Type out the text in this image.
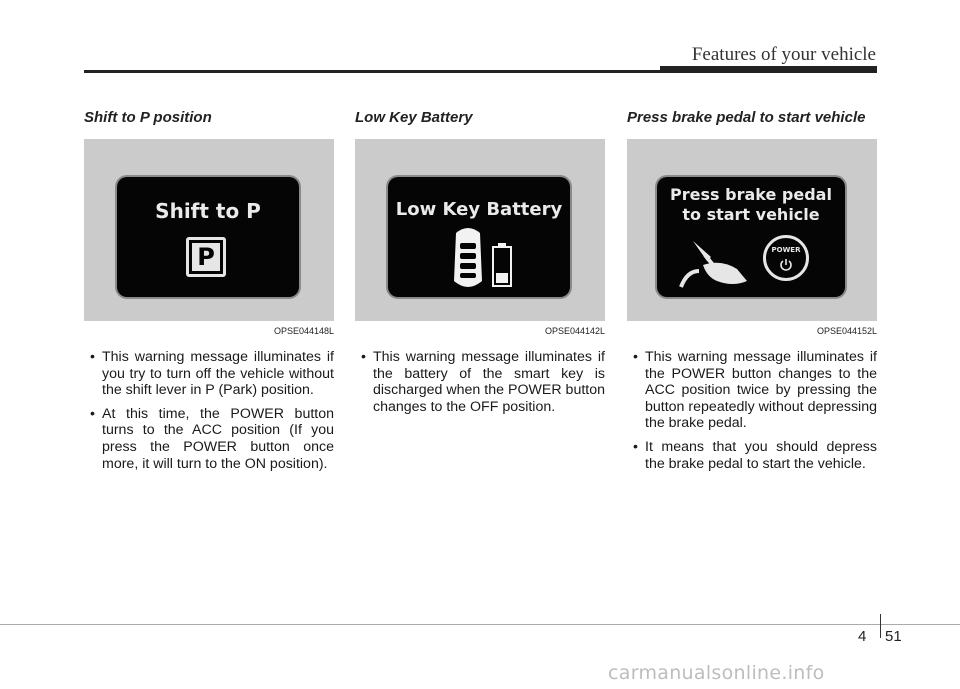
Features of your vehicle
Shift to P position
Shift to P
P
OPSE044148L
• This warning message illuminates if you try to turn off the vehicle without the shift lever in P (Park) position.
• At this time, the POWER button turns to the ACC position (If you press the POWER button once more, it will turn to the ON position).
Low Key Battery
Low Key Battery
OPSE044142L
• This warning message illuminates if the battery of the smart key is discharged when the POWER button changes to the OFF position.
Press brake pedal to start vehicle
Press brake pedal
to start vehicle
POWER
OPSE044152L
• This warning message illuminates if the POWER button changes to the ACC position twice by pressing the button repeatedly without depressing the brake pedal.
• It means that you should depress the brake pedal to start the vehicle.
4 51
carmanualsonline.info
